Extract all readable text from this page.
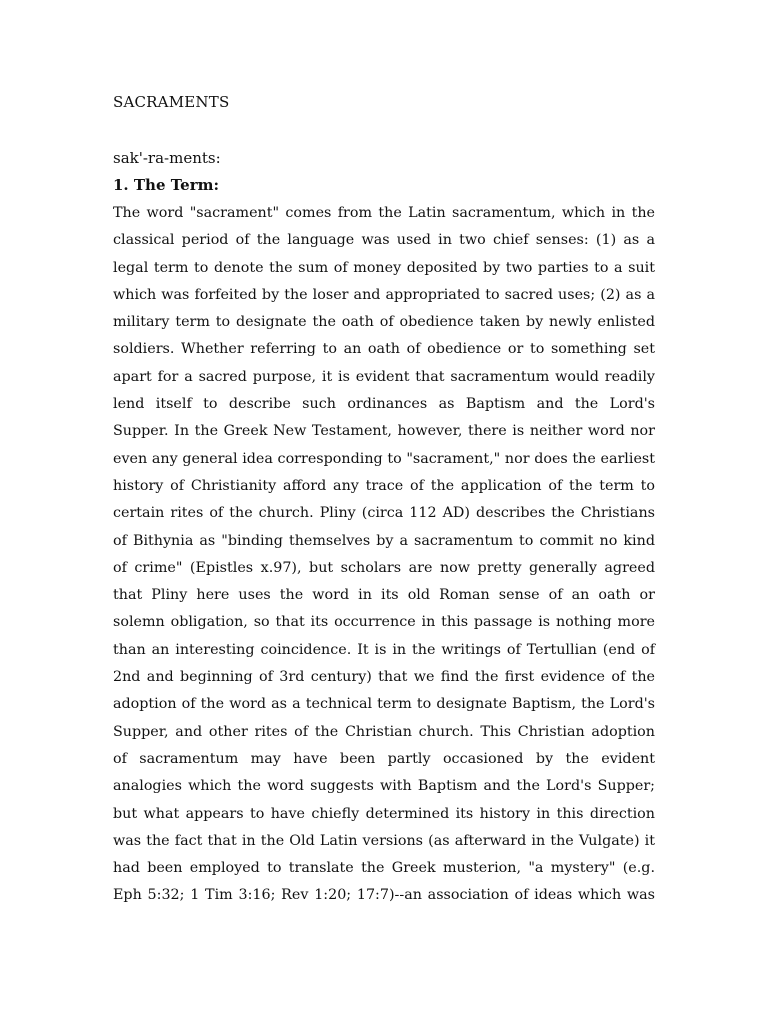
SACRAMENTS
sak'-ra-ments:
1. The Term:
The word "sacrament" comes from the Latin sacramentum, which in the
classical period of the language was used in two chief senses: (1) as a
legal term to denote the sum of money deposited by two parties to a suit
which was forfeited by the loser and appropriated to sacred uses; (2) as a
military term to designate the oath of obedience taken by newly enlisted
soldiers. Whether referring to an oath of obedience or to something set
apart for a sacred purpose, it is evident that sacramentum would readily
lend itself to describe such ordinances as Baptism and the Lord's
Supper. In the Greek New Testament, however, there is neither word nor
even any general idea corresponding to "sacrament," nor does the earliest
history of Christianity afford any trace of the application of the term to
certain rites of the church. Pliny (circa 112 AD) describes the Christians
of Bithynia as "binding themselves by a sacramentum to commit no kind
of crime" (Epistles x.97), but scholars are now pretty generally agreed
that Pliny here uses the word in its old Roman sense of an oath or
solemn obligation, so that its occurrence in this passage is nothing more
than an interesting coincidence. It is in the writings of Tertullian (end of
2nd and beginning of 3rd century) that we find the first evidence of the
adoption of the word as a technical term to designate Baptism, the Lord's
Supper, and other rites of the Christian church. This Christian adoption
of sacramentum may have been partly occasioned by the evident
analogies which the word suggests with Baptism and the Lord's Supper;
but what appears to have chiefly determined its history in this direction
was the fact that in the Old Latin versions (as afterward in the Vulgate) it
had been employed to translate the Greek musterion, "a mystery" (e.g.
Eph 5:32; 1 Tim 3:16; Rev 1:20; 17:7)--an association of ideas which was
